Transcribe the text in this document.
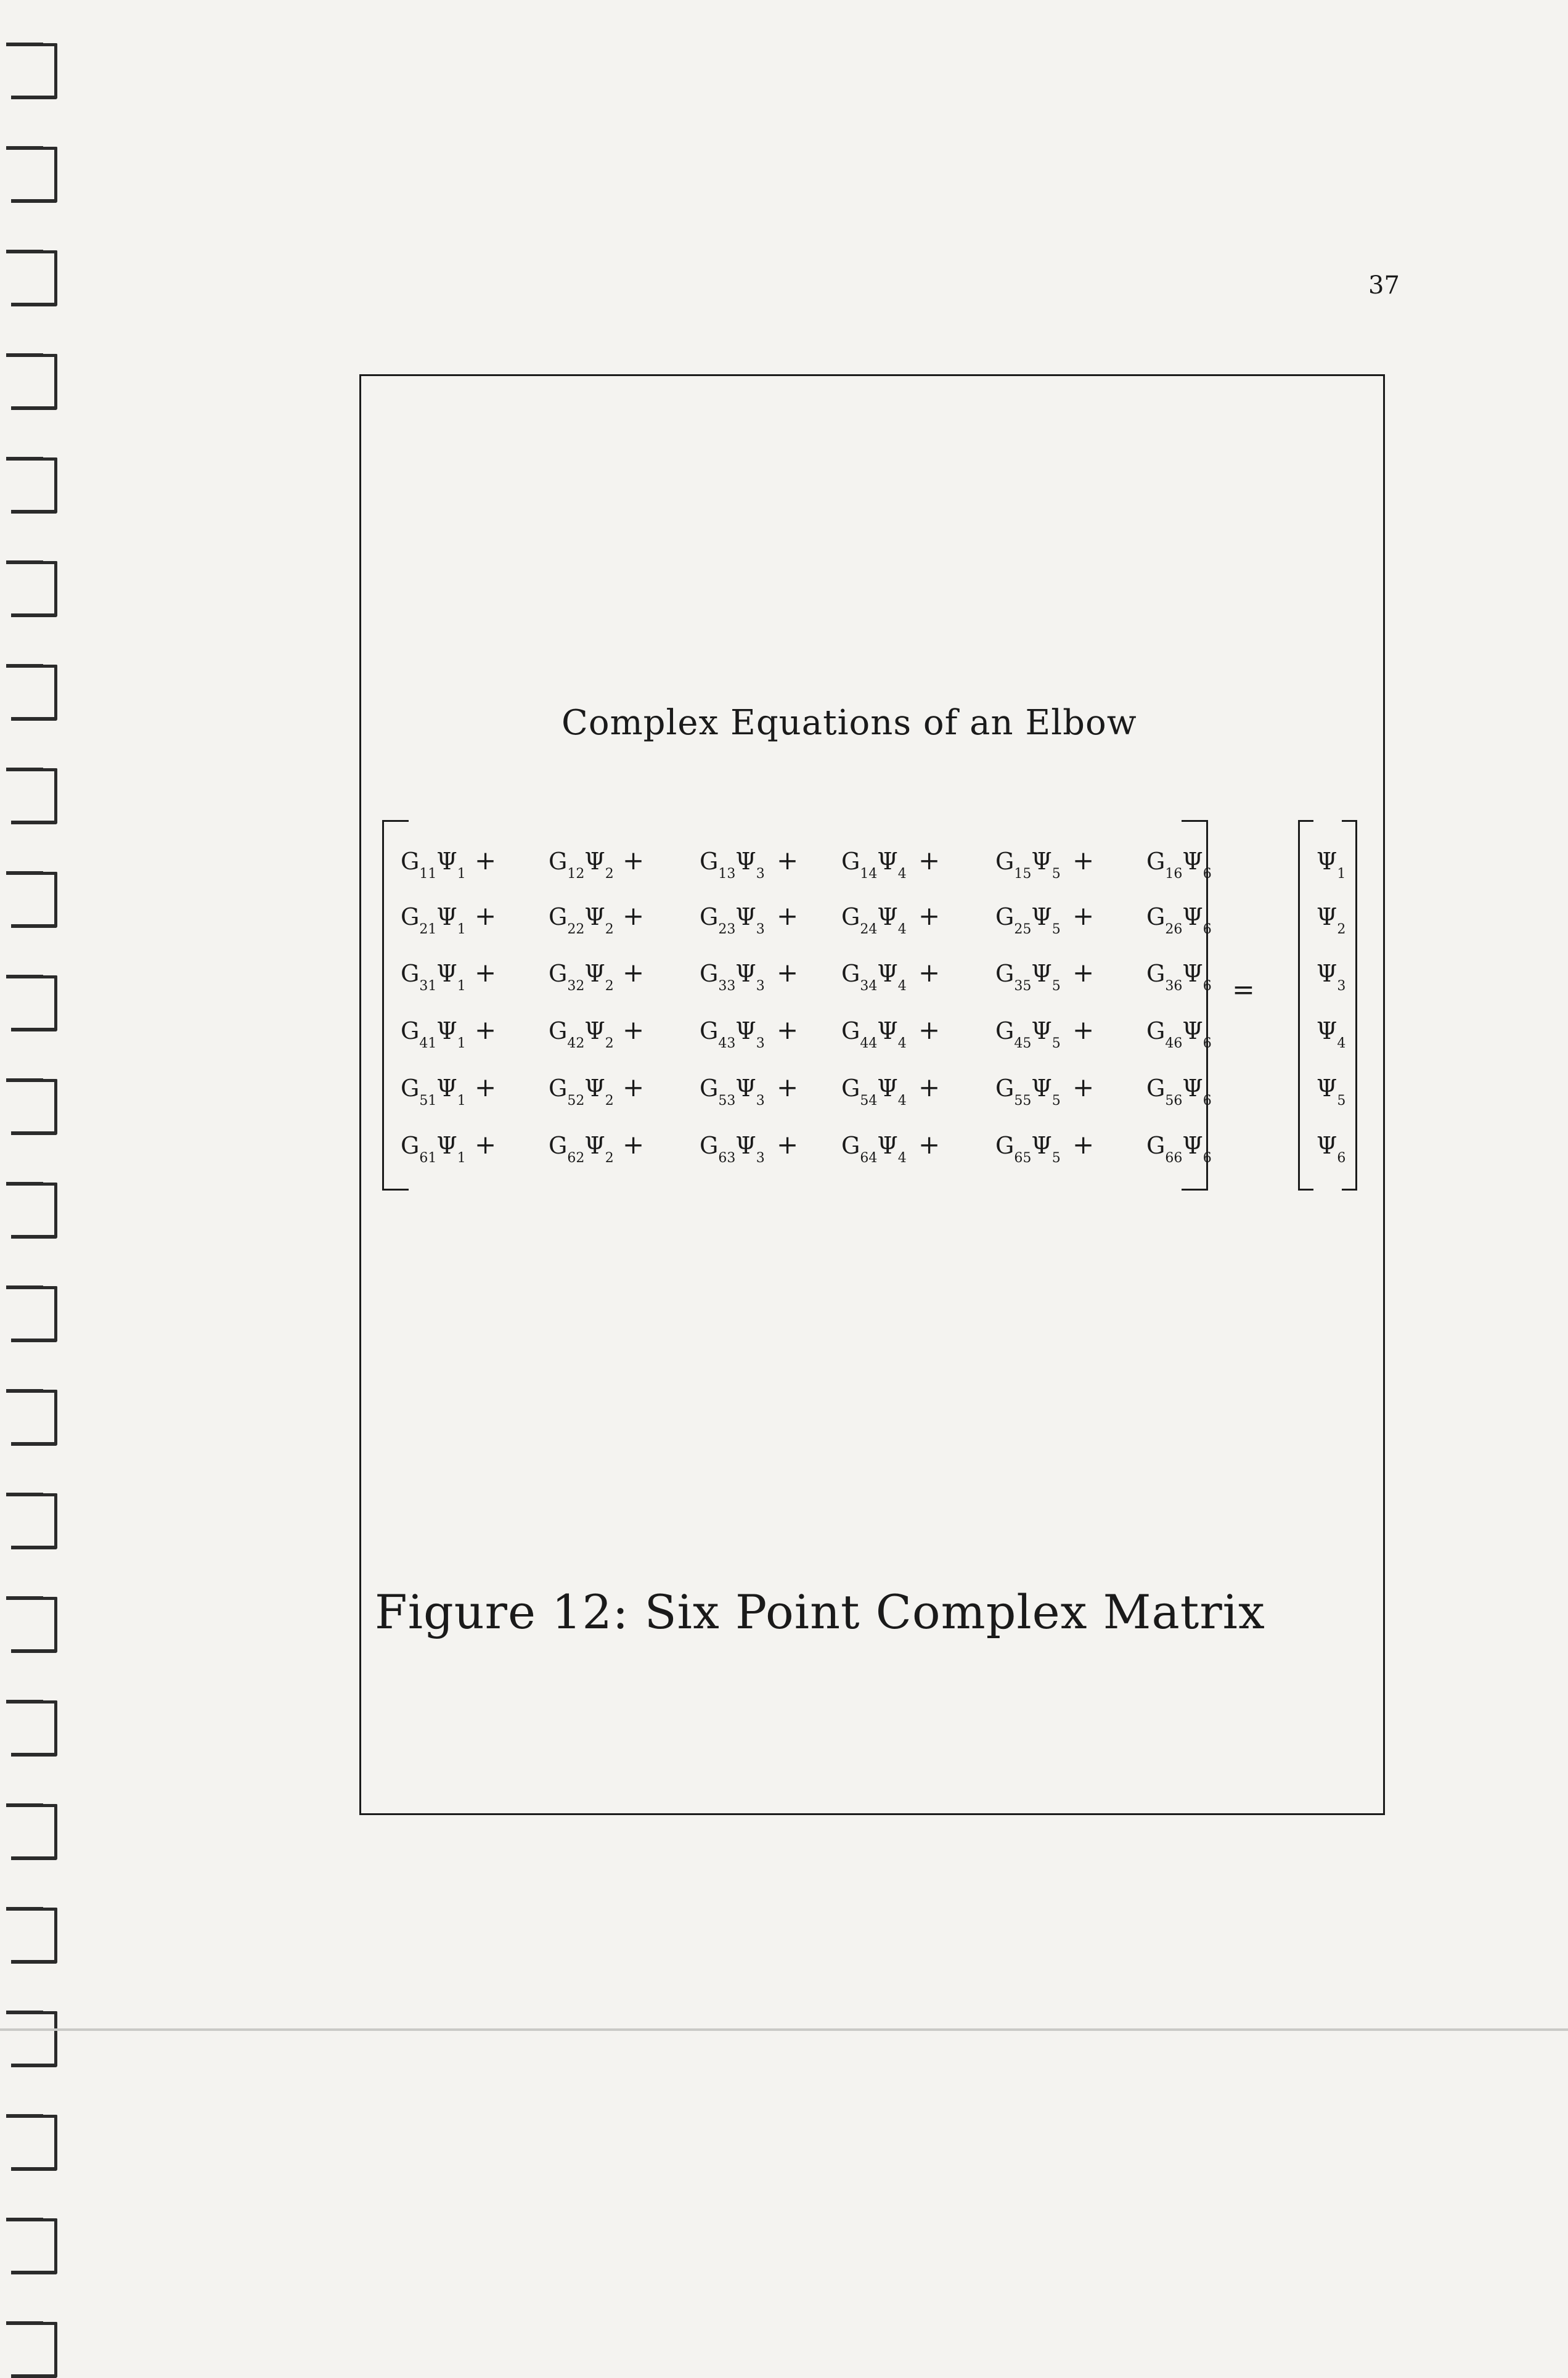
37
Complex Equations of an Elbow
$G_{11}\Psi_1 + G_{12}\Psi_2 + G_{13}\Psi_3 + G_{14}\Psi_4 + G_{15}\Psi_5 + G_{16}\Psi_6$
$G_{21}\Psi_1 + G_{22}\Psi_2 + G_{23}\Psi_3 + G_{24}\Psi_4 + G_{25}\Psi_5 + G_{26}\Psi_6$
$G_{31}\Psi_1 + G_{32}\Psi_2 + G_{33}\Psi_3 + G_{34}\Psi_4 + G_{35}\Psi_5 + G_{36}\Psi_6$
$G_{41}\Psi_1 + G_{42}\Psi_2 + G_{43}\Psi_3 + G_{44}\Psi_4 + G_{45}\Psi_5 + G_{46}\Psi_6$
$G_{51}\Psi_1 + G_{52}\Psi_2 + G_{53}\Psi_3 + G_{54}\Psi_4 + G_{55}\Psi_5 + G_{56}\Psi_6$
$G_{61}\Psi_1 + G_{62}\Psi_2 + G_{63}\Psi_3 + G_{64}\Psi_4 + G_{65}\Psi_5 + G_{66}\Psi_6$
=
$\Psi_1$
$\Psi_2$
$\Psi_3$
$\Psi_4$
$\Psi_5$
$\Psi_6$
Figure 12: Six Point Complex Matrix
